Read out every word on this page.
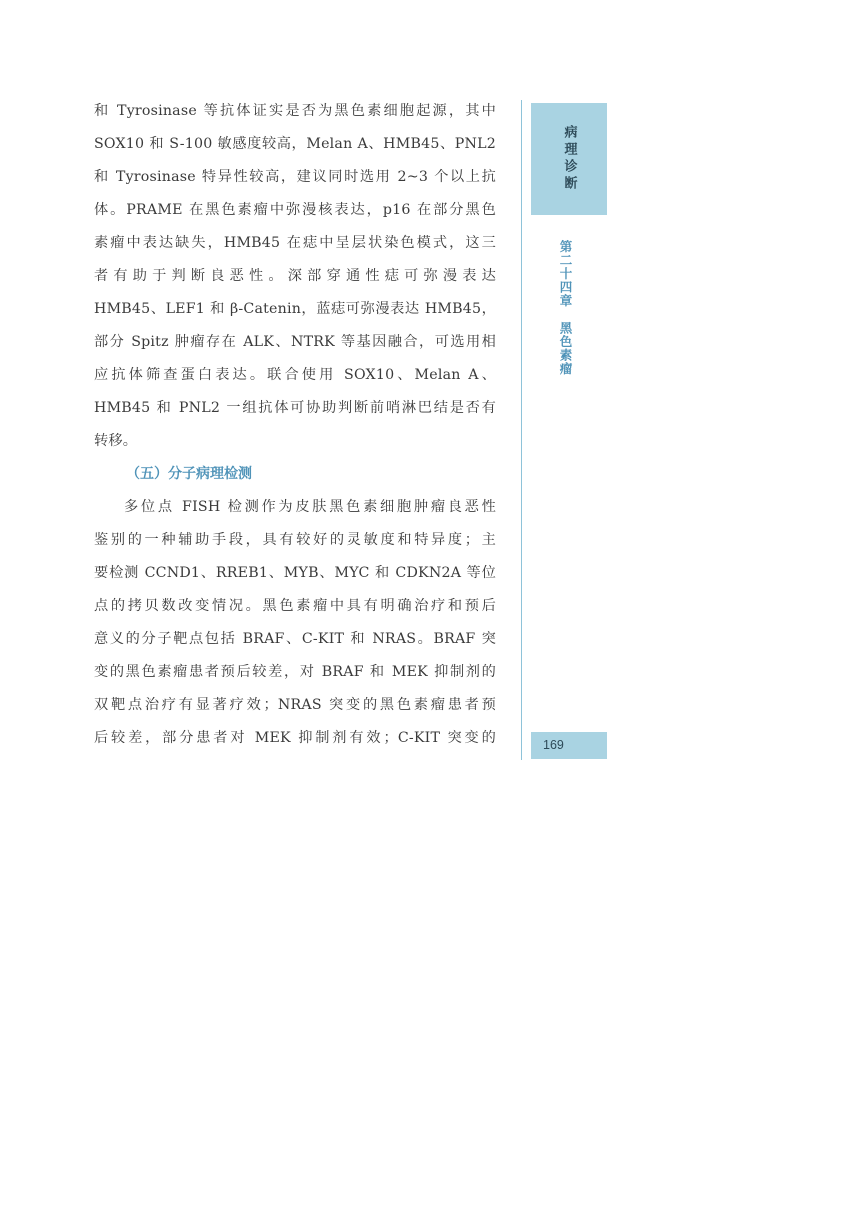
和 Tyrosinase 等抗体证实是否为黑色素细胞起源，其中
SOX10 和 S-100 敏感度较高，Melan A、HMB45、PNL2
和 Tyrosinase 特异性较高，建议同时选用 2~3 个以上抗
体。PRAME 在黑色素瘤中弥漫核表达，p16 在部分黑色
素瘤中表达缺失，HMB45 在痣中呈层状染色模式，这三
者有助于判断良恶性。深部穿通性痣可弥漫表达
HMB45、LEF1 和 β-Catenin，蓝痣可弥漫表达 HMB45，
部分 Spitz 肿瘤存在 ALK、NTRK 等基因融合，可选用相
应抗体筛查蛋白表达。联合使用 SOX10、Melan A、
HMB45 和 PNL2 一组抗体可协助判断前哨淋巴结是否有
转移。
（五）分子病理检测
多位点 FISH 检测作为皮肤黑色素细胞肿瘤良恶性
鉴别的一种辅助手段，具有较好的灵敏度和特异度；主
要检测 CCND1、RREB1、MYB、MYC 和 CDKN2A 等位
点的拷贝数改变情况。黑色素瘤中具有明确治疗和预后
意义的分子靶点包括 BRAF、C-KIT 和 NRAS。BRAF 突
变的黑色素瘤患者预后较差，对 BRAF 和 MEK 抑制剂的
双靶点治疗有显著疗效；NRAS 突变的黑色素瘤患者预
后较差，部分患者对 MEK 抑制剂有效；C-KIT 突变的
病理诊断
第二十四章黑色素瘤
169
